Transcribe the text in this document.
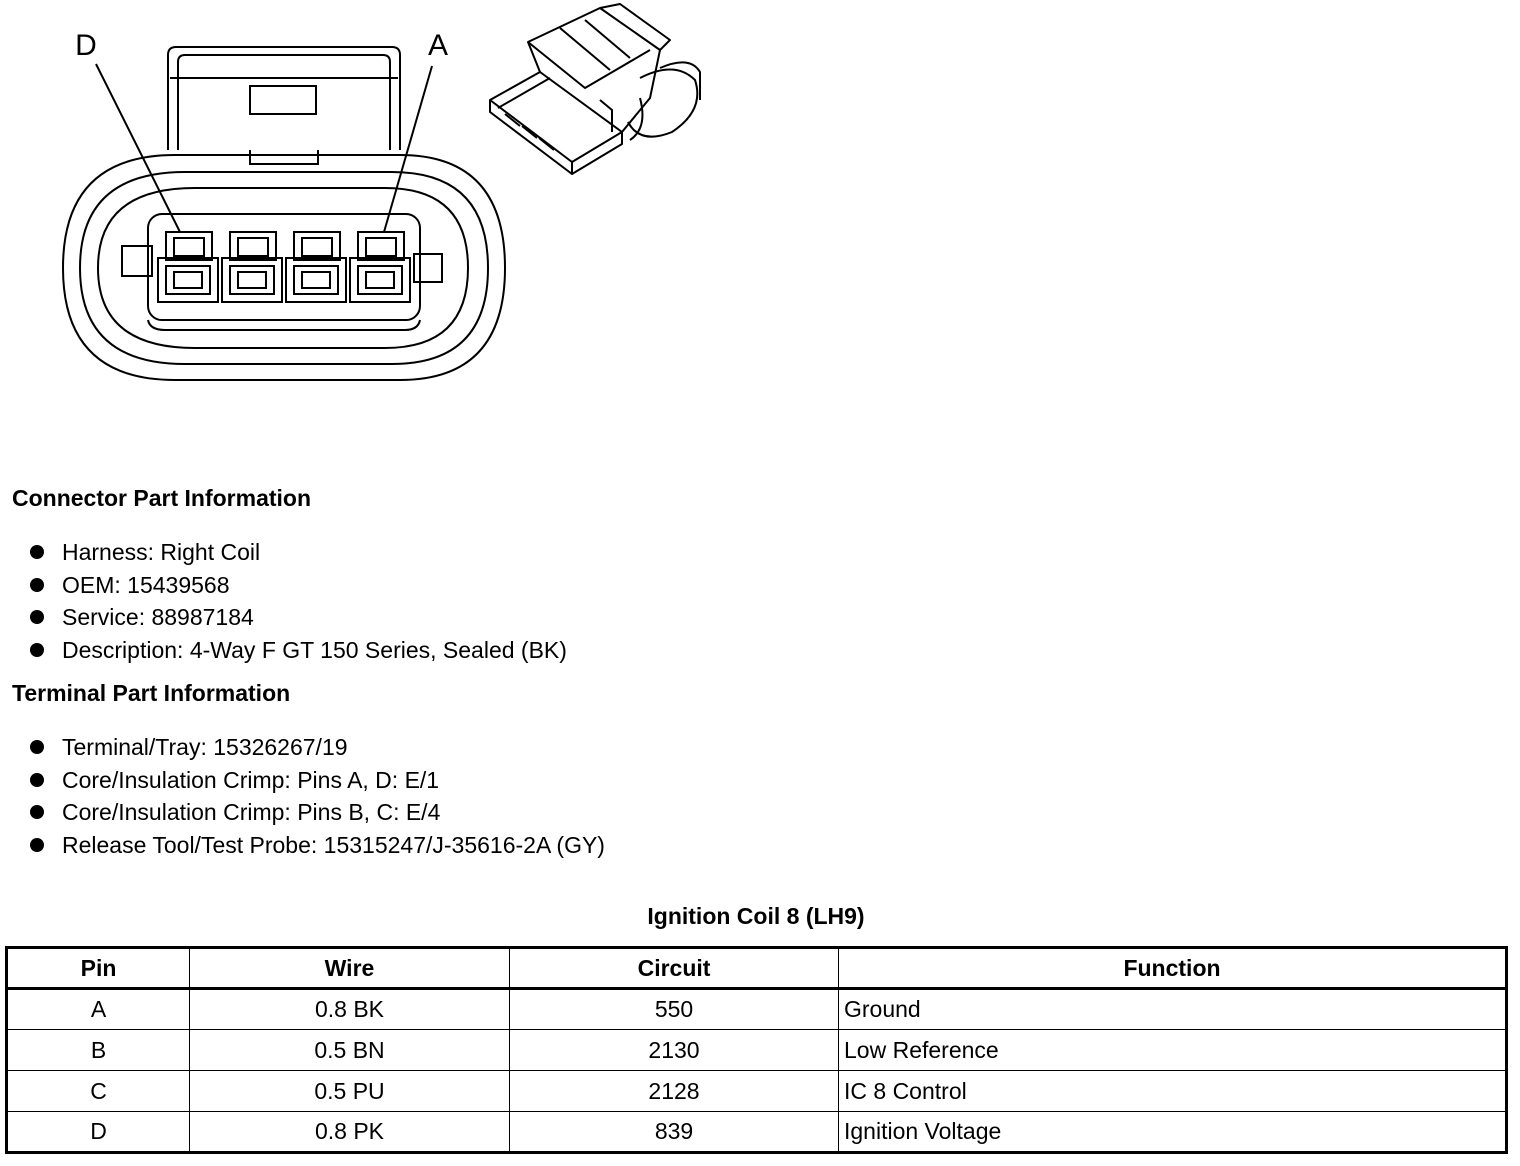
D	A
Connector Part Information
Harness: Right Coil
OEM: 15439568
Service: 88987184
Description: 4-Way F GT 150 Series, Sealed (BK)
Terminal Part Information
Terminal/Tray: 15326267/19
Core/Insulation Crimp: Pins A, D: E/1
Core/Insulation Crimp: Pins B, C: E/4
Release Tool/Test Probe: 15315247/J-35616-2A (GY)
Ignition Coil 8 (LH9)
Pin	Wire	Circuit	Function
A	0.8 BK	550	Ground
B	0.5 BN	2130	Low Reference
C	0.5 PU	2128	IC 8 Control
D	0.8 PK	839	Ignition Voltage
